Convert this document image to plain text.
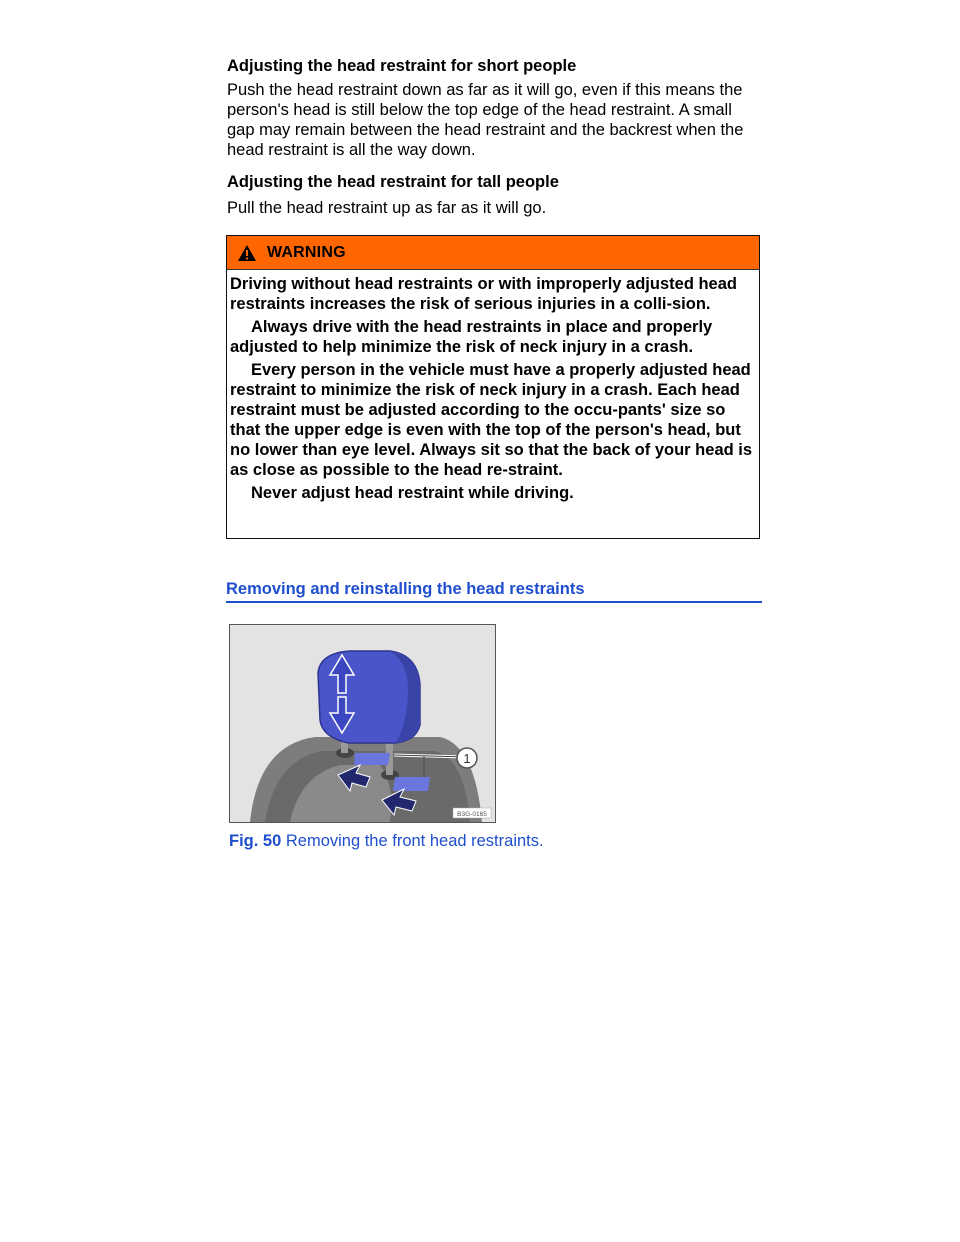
Adjusting the head restraint for short people

Push the head restraint down as far as it will go, even if this means the person's head is still below the top edge of the head restraint. A small gap may remain between the head restraint and the backrest when the head restraint is all the way down.

Adjusting the head restraint for tall people

Pull the head restraint up as far as it will go.

WARNING

Driving without head restraints or with improperly adjusted head restraints increases the risk of serious injuries in a colli-sion.

Always drive with the head restraints in place and properly adjusted to help minimize the risk of neck injury in a crash.

Every person in the vehicle must have a properly adjusted head restraint to minimize the risk of neck injury in a crash. Each head restraint must be adjusted according to the occu-pants' size so that the upper edge is even with the top of the person's head, but no lower than eye level. Always sit so that the back of your head is as close as possible to the head re-straint.

Never adjust head restraint while driving.

Removing and reinstalling the head restraints
1
B3G-0165
Fig. 50 Removing the front head restraints.
